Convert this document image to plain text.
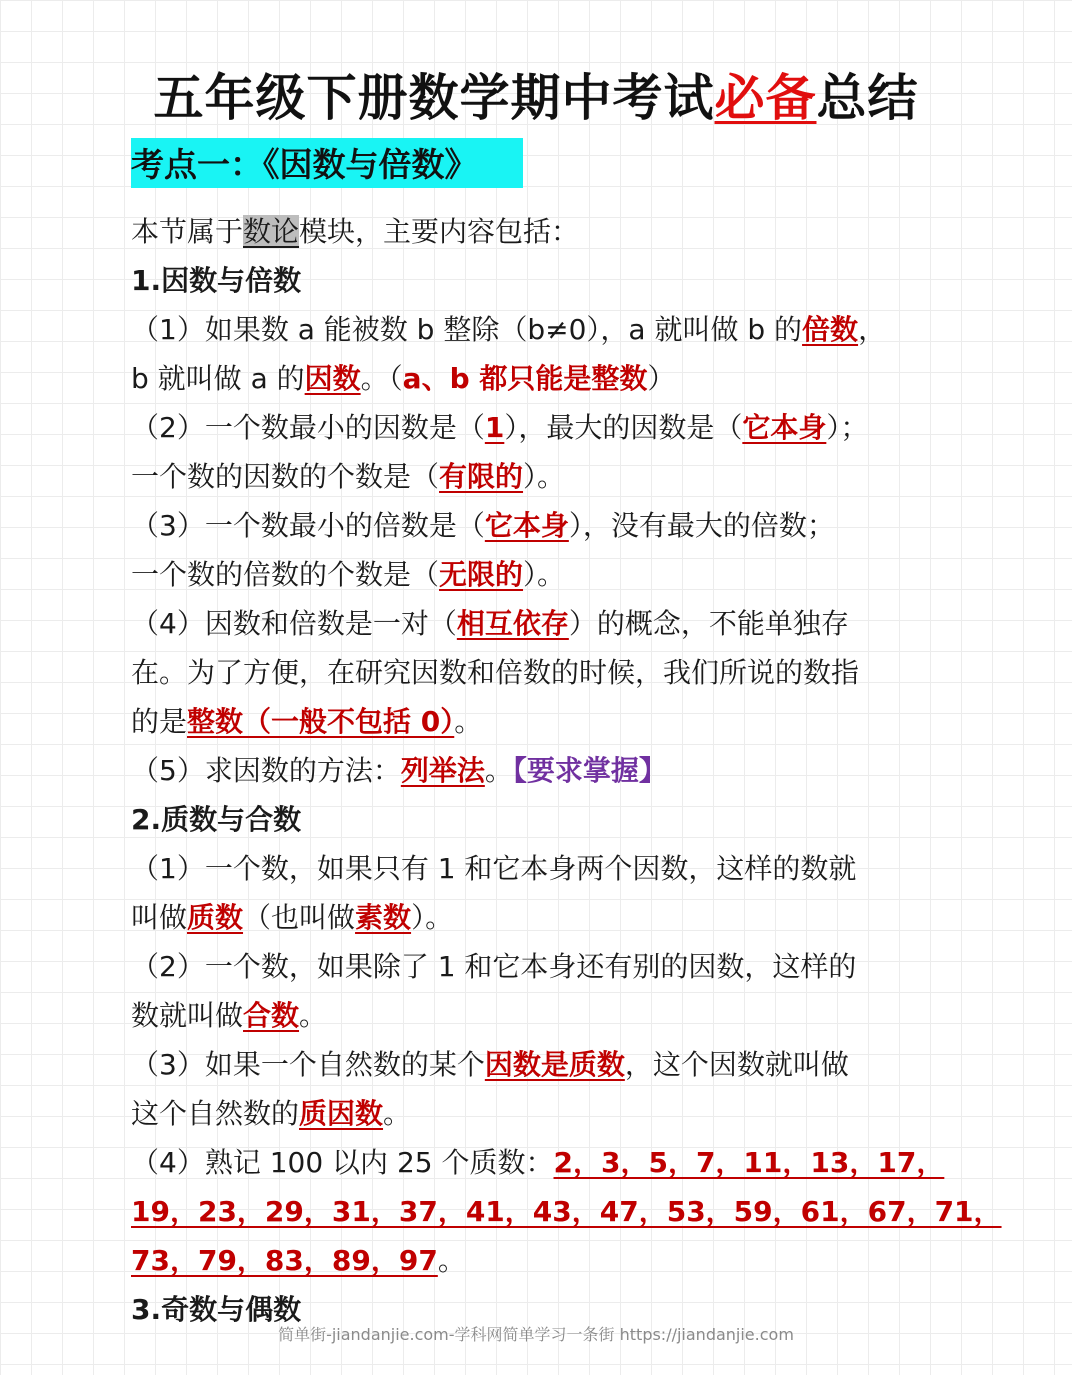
五年级下册数学期中考试必备总结
考点一：《因数与倍数》
本节属于数论模块，主要内容包括：
1.因数与倍数
（1）如果数 a 能被数 b 整除（b≠0），a 就叫做 b 的倍数，
b 就叫做 a 的因数。（a、b 都只能是整数）
（2）一个数最小的因数是（1），最大的因数是（它本身）；
一个数的因数的个数是（有限的）。
（3）一个数最小的倍数是（它本身），没有最大的倍数；
一个数的倍数的个数是（无限的）。
（4）因数和倍数是一对（相互依存）的概念，不能单独存
在。为了方便，在研究因数和倍数的时候，我们所说的数指
的是整数（一般不包括 0）。
（5）求因数的方法：列举法。【要求掌握】
2.质数与合数
（1）一个数，如果只有 1 和它本身两个因数，这样的数就
叫做质数（也叫做素数）。
（2）一个数，如果除了 1 和它本身还有别的因数，这样的
数就叫做合数。
（3）如果一个自然数的某个因数是质数，这个因数就叫做
这个自然数的质因数。
（4）熟记 100 以内 25 个质数：2，3，5，7，11，13，17，
19，23，29，31，37，41，43，47，53，59，61，67，71，
73，79，83，89，97。
3.奇数与偶数
简单街-jiandanjie.com-学科网简单学习一条街 https://jiandanjie.com
